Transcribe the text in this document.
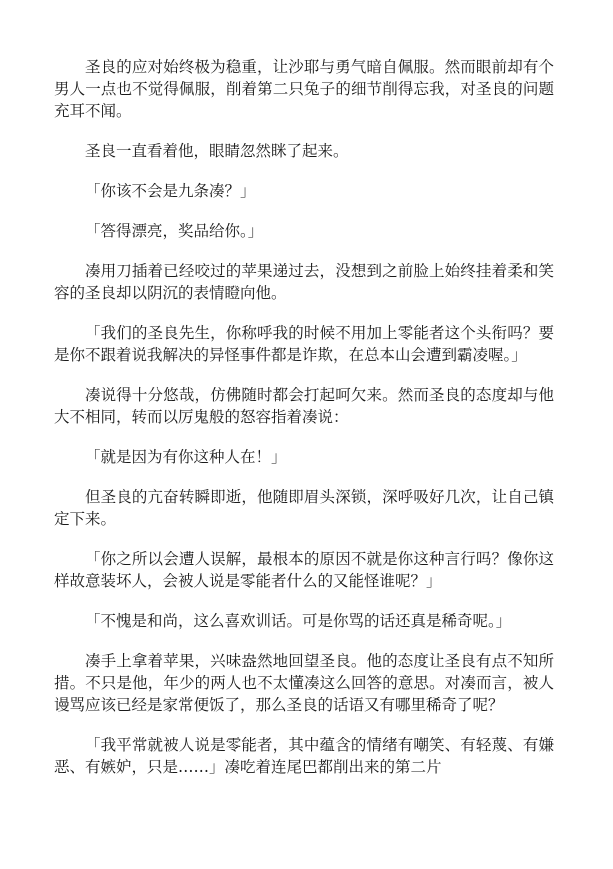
圣良的应对始终极为稳重，让沙耶与勇气暗自佩服。然而眼前却有个男人一点也不觉得佩服，削着第二只兔子的细节削得忘我，对圣良的问题充耳不闻。

圣良一直看着他，眼睛忽然眯了起来。

「你该不会是九条凑？」

「答得漂亮，奖品给你。」

凑用刀插着已经咬过的苹果递过去，没想到之前脸上始终挂着柔和笑容的圣良却以阴沉的表情瞪向他。

「我们的圣良先生，你称呼我的时候不用加上零能者这个头衔吗？要是你不跟着说我解决的异怪事件都是诈欺，在总本山会遭到霸凌喔。」

凑说得十分悠哉，仿佛随时都会打起呵欠来。然而圣良的态度却与他大不相同，转而以厉鬼般的怒容指着凑说：

「就是因为有你这种人在！」

但圣良的亢奋转瞬即逝，他随即眉头深锁，深呼吸好几次，让自己镇定下来。

「你之所以会遭人误解，最根本的原因不就是你这种言行吗？像你这样故意装坏人，会被人说是零能者什么的又能怪谁呢？」

「不愧是和尚，这么喜欢训话。可是你骂的话还真是稀奇呢。」

凑手上拿着苹果，兴味盎然地回望圣良。他的态度让圣良有点不知所措。不只是他，年少的两人也不太懂凑这么回答的意思。对凑而言，被人谩骂应该已经是家常便饭了，那么圣良的话语又有哪里稀奇了呢？

「我平常就被人说是零能者，其中蕴含的情绪有嘲笑、有轻蔑、有嫌恶、有嫉妒，只是……」凑吃着连尾巴都削出来的第二片
